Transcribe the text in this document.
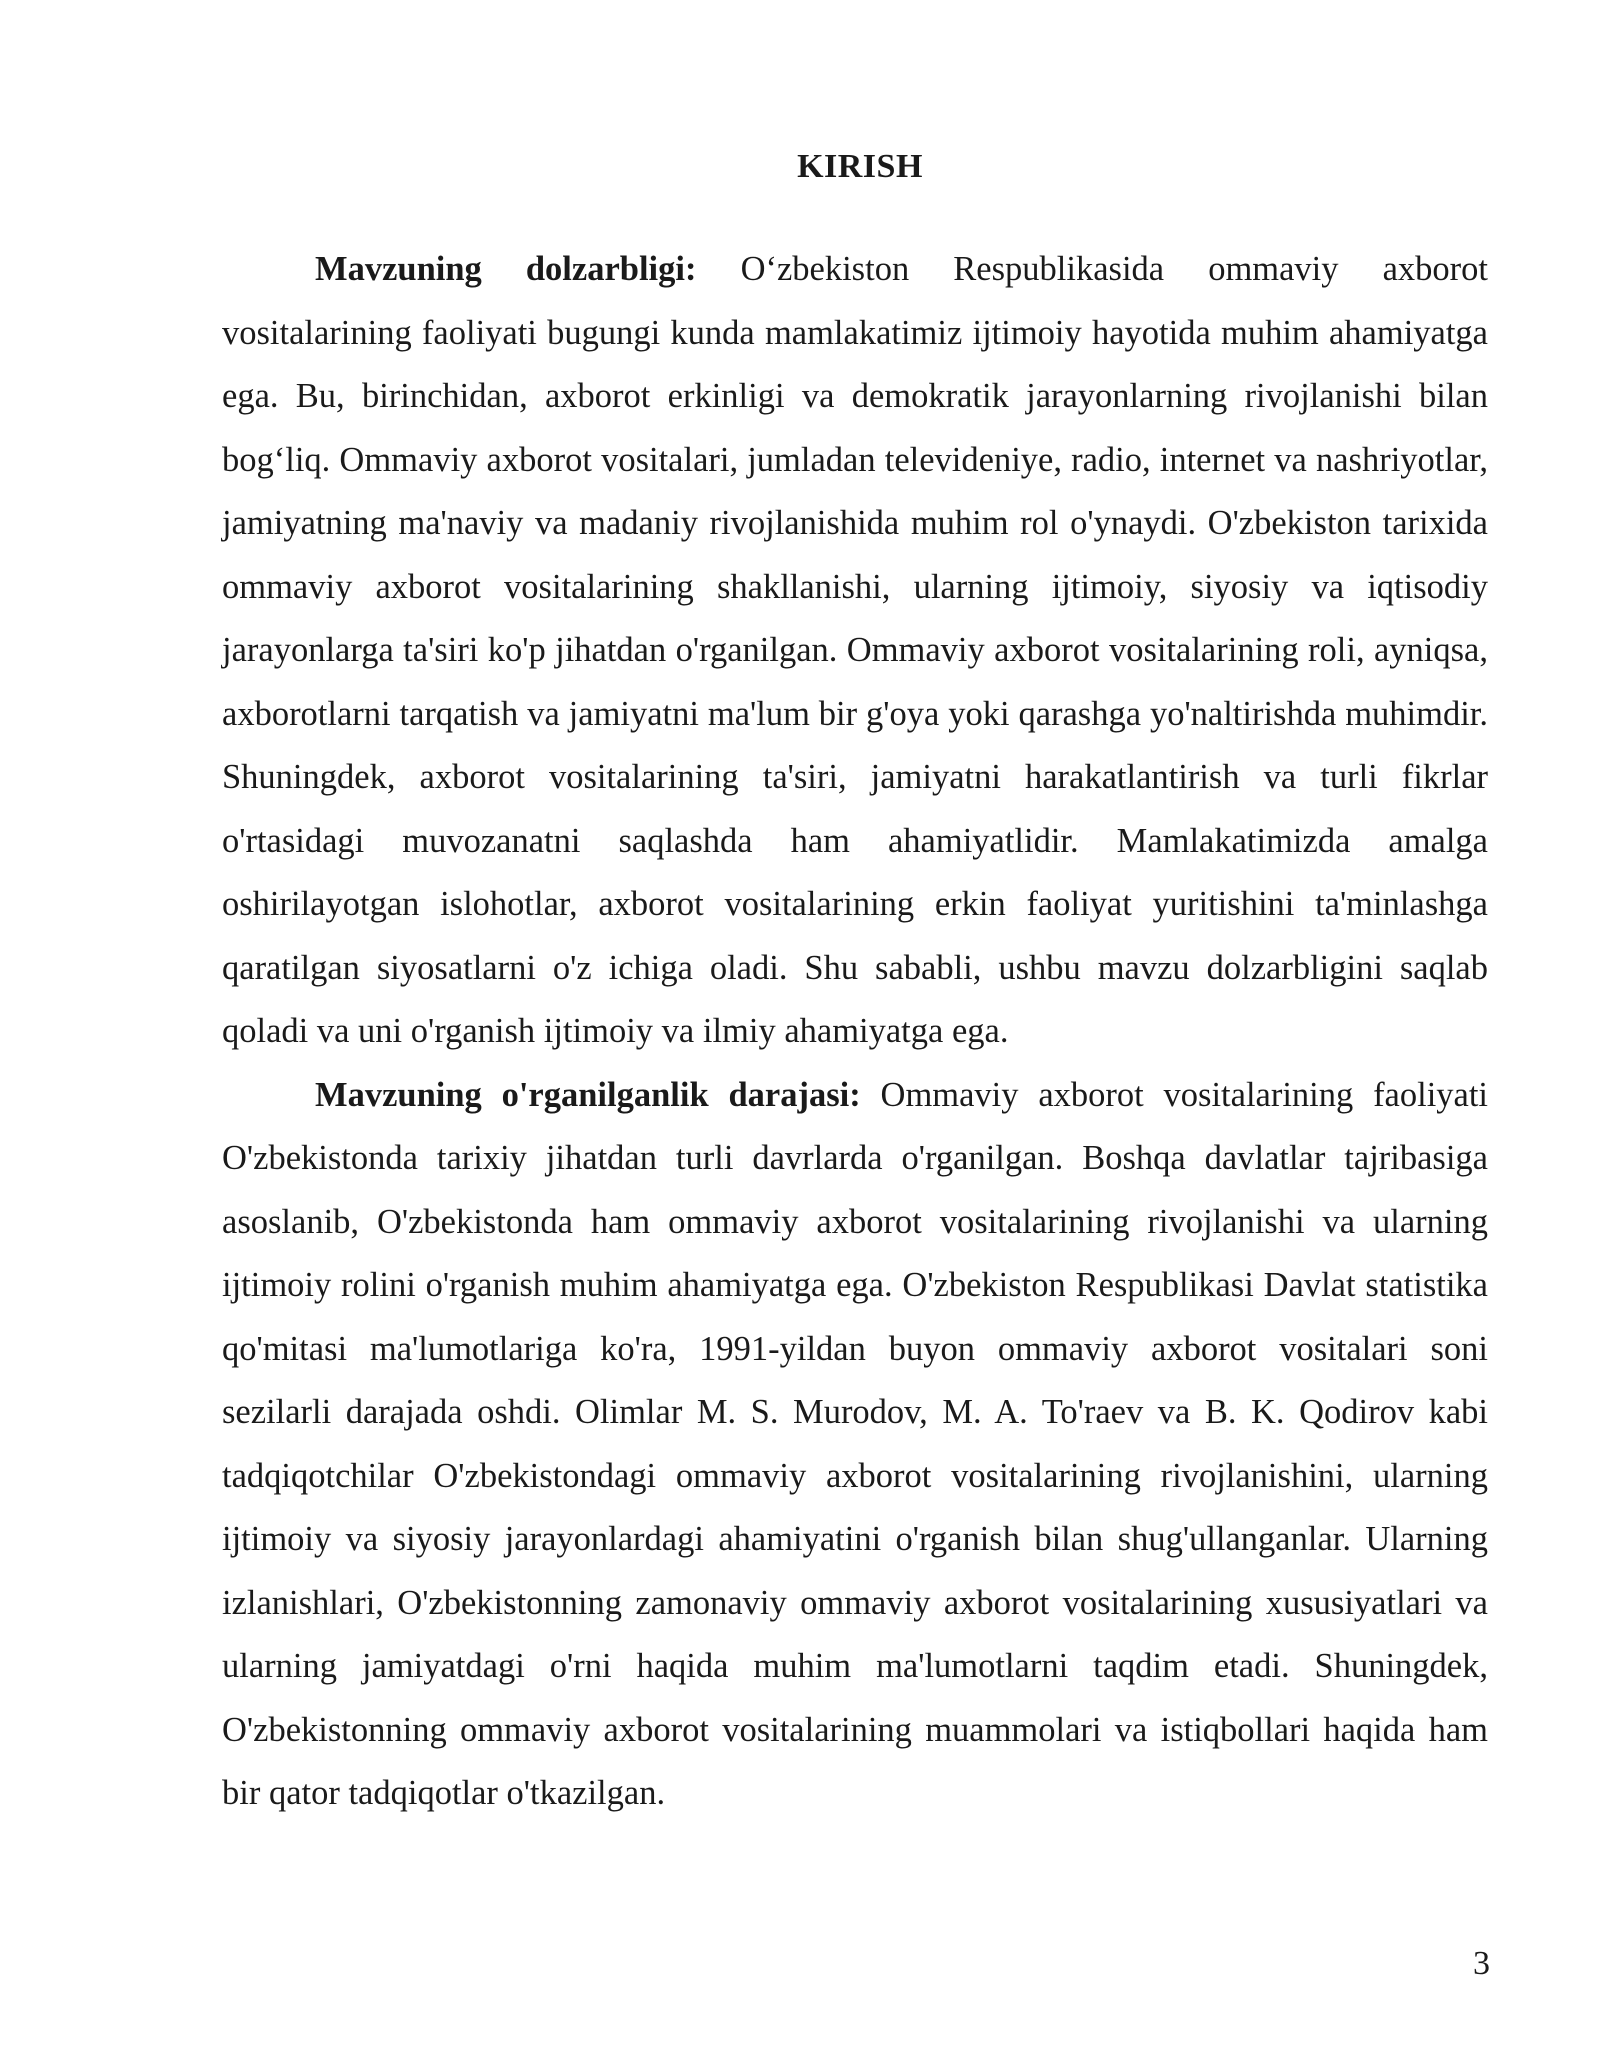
KIRISH

Mavzuning dolzarbligi: O‘zbekiston Respublikasida ommaviy axborot vositalarining faoliyati bugungi kunda mamlakatimiz ijtimoiy hayotida muhim ahamiyatga ega. Bu, birinchidan, axborot erkinligi va demokratik jarayonlarning rivojlanishi bilan bog‘liq. Ommaviy axborot vositalari, jumladan televideniye, radio, internet va nashriyotlar, jamiyatning ma'naviy va madaniy rivojlanishida muhim rol o'ynaydi. O'zbekiston tarixida ommaviy axborot vositalarining shakllanishi, ularning ijtimoiy, siyosiy va iqtisodiy jarayonlarga ta'siri ko'p jihatdan o'rganilgan. Ommaviy axborot vositalarining roli, ayniqsa, axborotlarni tarqatish va jamiyatni ma'lum bir g'oya yoki qarashga yo'naltirishda muhimdir. Shuningdek, axborot vositalarining ta'siri, jamiyatni harakatlantirish va turli fikrlar o'rtasidagi muvozanatni saqlashda ham ahamiyatlidir. Mamlakatimizda amalga oshirilayotgan islohotlar, axborot vositalarining erkin faoliyat yuritishini ta'minlashga qaratilgan siyosatlarni o'z ichiga oladi. Shu sababli, ushbu mavzu dolzarbligini saqlab qoladi va uni o'rganish ijtimoiy va ilmiy ahamiyatga ega.

Mavzuning o'rganilganlik darajasi: Ommaviy axborot vositalarining faoliyati O'zbekistonda tarixiy jihatdan turli davrlarda o'rganilgan. Boshqa davlatlar tajribasiga asoslanib, O'zbekistonda ham ommaviy axborot vositalarining rivojlanishi va ularning ijtimoiy rolini o'rganish muhim ahamiyatga ega. O'zbekiston Respublikasi Davlat statistika qo'mitasi ma'lumotlariga ko'ra, 1991-yildan buyon ommaviy axborot vositalari soni sezilarli darajada oshdi. Olimlar M. S. Murodov, M. A. To'raev va B. K. Qodirov kabi tadqiqotchilar O'zbekistondagi ommaviy axborot vositalarining rivojlanishini, ularning ijtimoiy va siyosiy jarayonlardagi ahamiyatini o'rganish bilan shug'ullanganlar. Ularning izlanishlari, O'zbekistonning zamonaviy ommaviy axborot vositalarining xususiyatlari va ularning jamiyatdagi o'rni haqida muhim ma'lumotlarni taqdim etadi. Shuningdek, O'zbekistonning ommaviy axborot vositalarining muammolari va istiqbollari haqida ham bir qator tadqiqotlar o'tkazilgan.

3
